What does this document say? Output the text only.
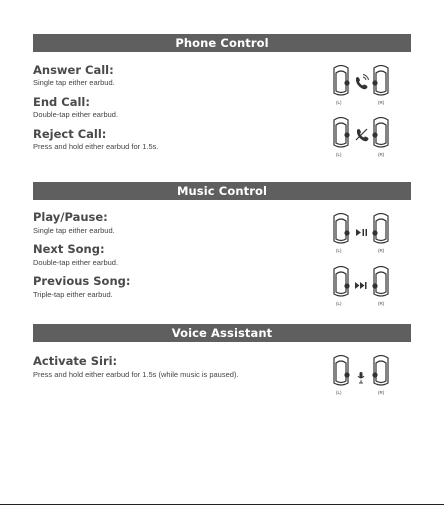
Phone Control
Answer Call:
Single tap either earbud.
End Call:
Double-tap either earbud.
Reject Call:
Press and hold either earbud for 1.5s.
(L)	(R)
(L)	(R)
Music Control
Play/Pause:
Single tap either earbud.
Next Song:
Double-tap either earbud.
Previous Song:
Triple-tap either earbud.
(L)	(R)
(L)	(R)
Voice Assistant
Activate Siri:
Press and hold either earbud for 1.5s (while music is paused).
(L)	(R)
